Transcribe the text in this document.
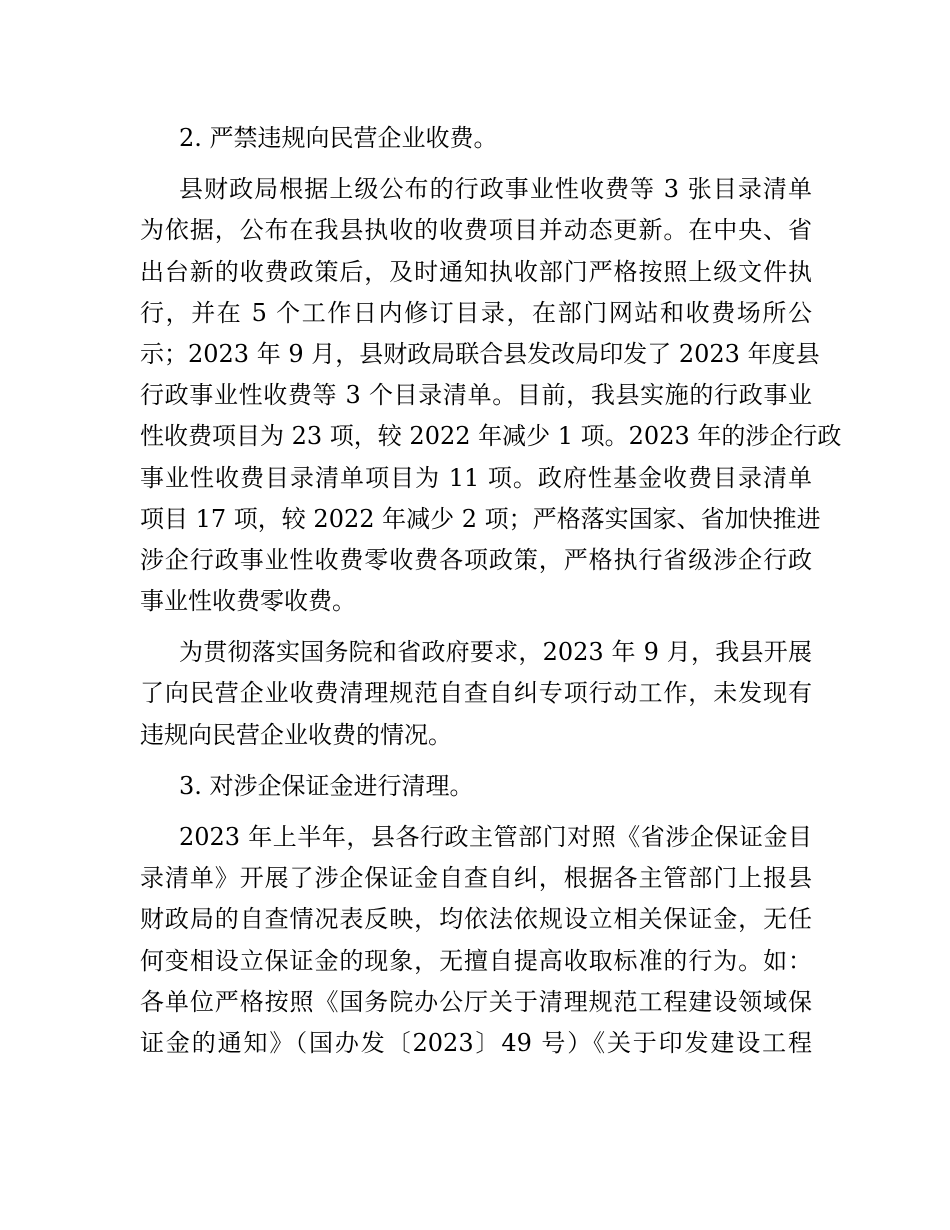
2. 严禁违规向民营企业收费。
县财政局根据上级公布的行政事业性收费等 3 张目录清单
为依据，公布在我县执收的收费项目并动态更新。在中央、省
出台新的收费政策后，及时通知执收部门严格按照上级文件执
行，并在 5 个工作日内修订目录，在部门网站和收费场所公
示；2023 年 9 月，县财政局联合县发改局印发了 2023 年度县
行政事业性收费等 3 个目录清单。目前，我县实施的行政事业
性收费项目为 23 项，较 2022 年减少 1 项。2023 年的涉企行政
事业性收费目录清单项目为 11 项。政府性基金收费目录清单
项目 17 项，较 2022 年减少 2 项；严格落实国家、省加快推进
涉企行政事业性收费零收费各项政策，严格执行省级涉企行政
事业性收费零收费。
为贯彻落实国务院和省政府要求，2023 年 9 月，我县开展
了向民营企业收费清理规范自查自纠专项行动工作，未发现有
违规向民营企业收费的情况。
3. 对涉企保证金进行清理。
2023 年上半年，县各行政主管部门对照《省涉企保证金目
录清单》开展了涉企保证金自查自纠，根据各主管部门上报县
财政局的自查情况表反映，均依法依规设立相关保证金，无任
何变相设立保证金的现象，无擅自提高收取标准的行为。如：
各单位严格按照《国务院办公厅关于清理规范工程建设领域保
证金的通知》（国办发〔2023〕49 号）《关于印发建设工程
